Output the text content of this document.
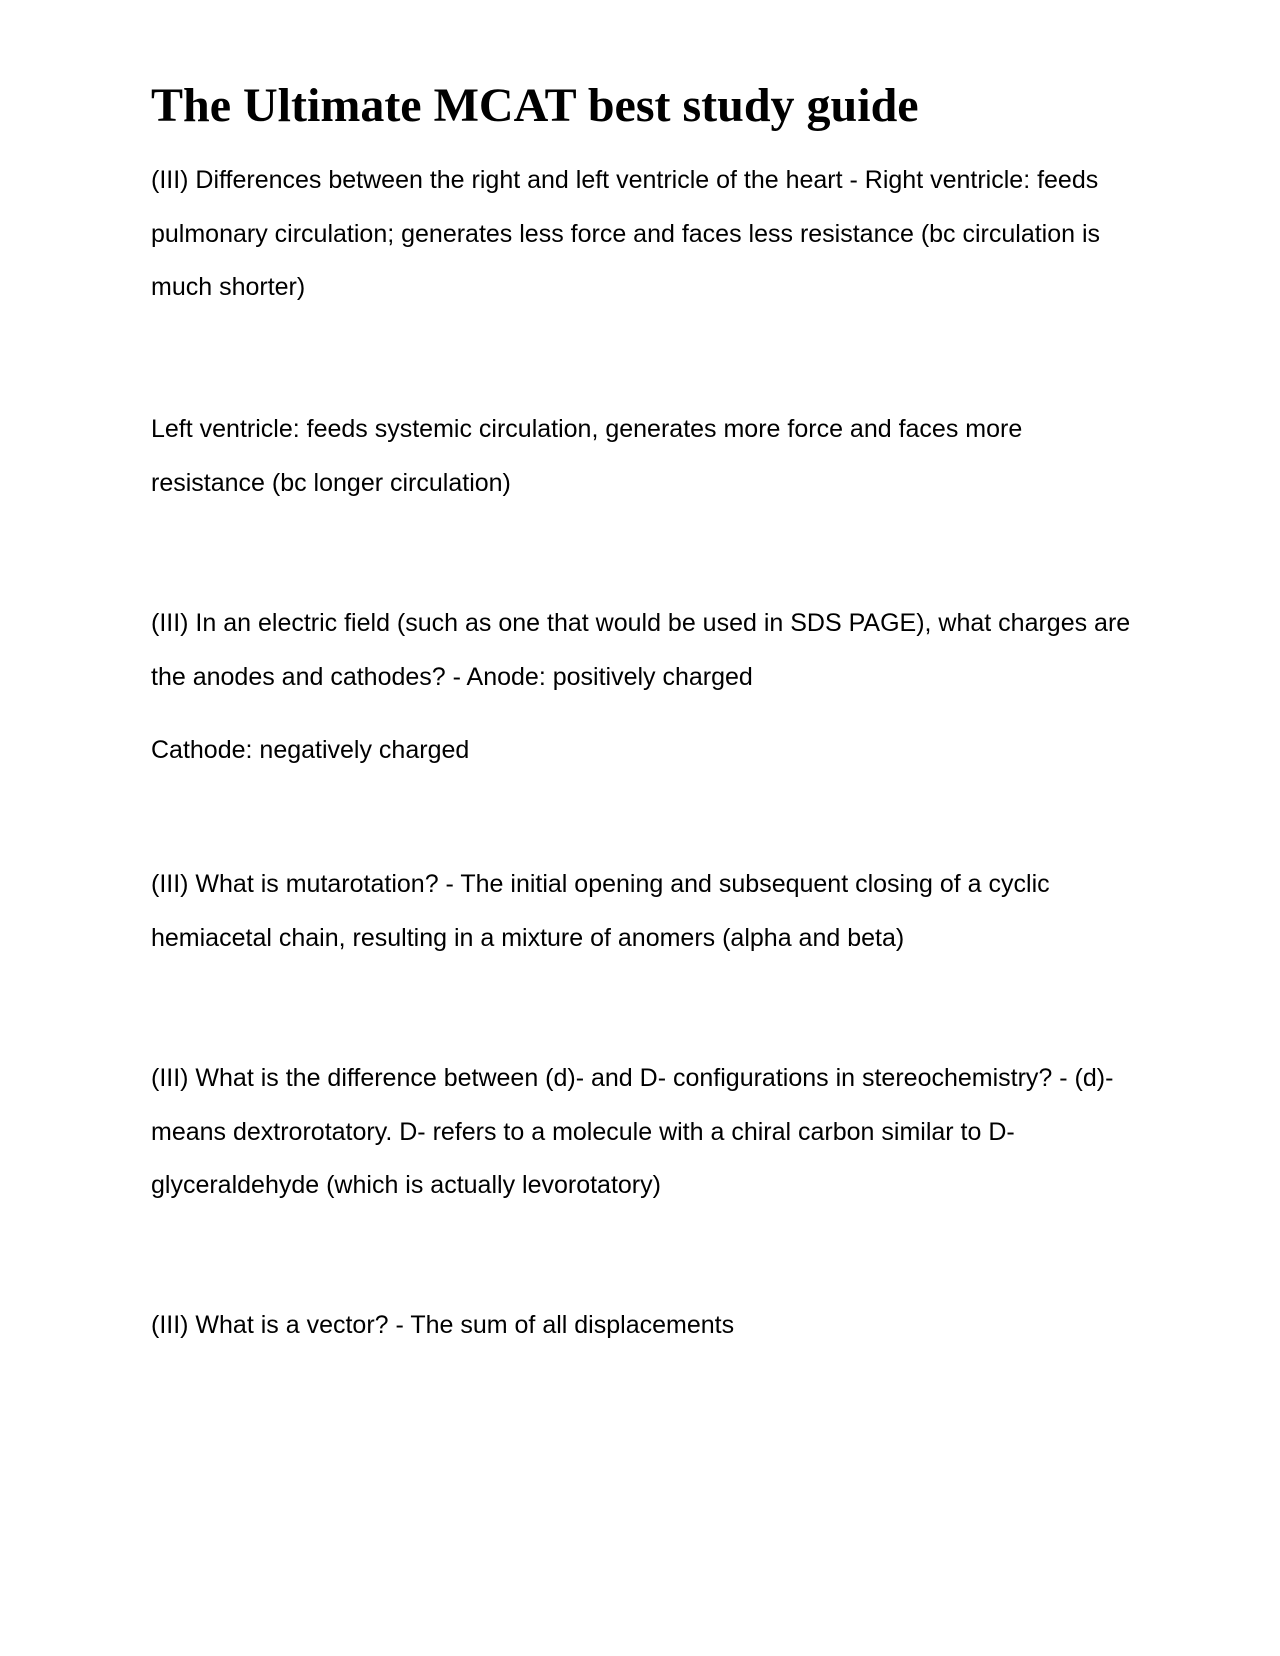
The Ultimate MCAT best study guide

(III) Differences between the right and left ventricle of the heart - Right ventricle: feeds pulmonary circulation; generates less force and faces less resistance (bc circulation is much shorter)

Left ventricle: feeds systemic circulation, generates more force and faces more resistance (bc longer circulation)

(III) In an electric field (such as one that would be used in SDS PAGE), what charges are the anodes and cathodes? - Anode: positively charged

Cathode: negatively charged

(III) What is mutarotation? - The initial opening and subsequent closing of a cyclic hemiacetal chain, resulting in a mixture of anomers (alpha and beta)

(III) What is the difference between (d)- and D- configurations in stereochemistry? - (d)- means dextrorotatory. D- refers to a molecule with a chiral carbon similar to D-glyceraldehyde (which is actually levorotatory)

(III) What is a vector? - The sum of all displacements
